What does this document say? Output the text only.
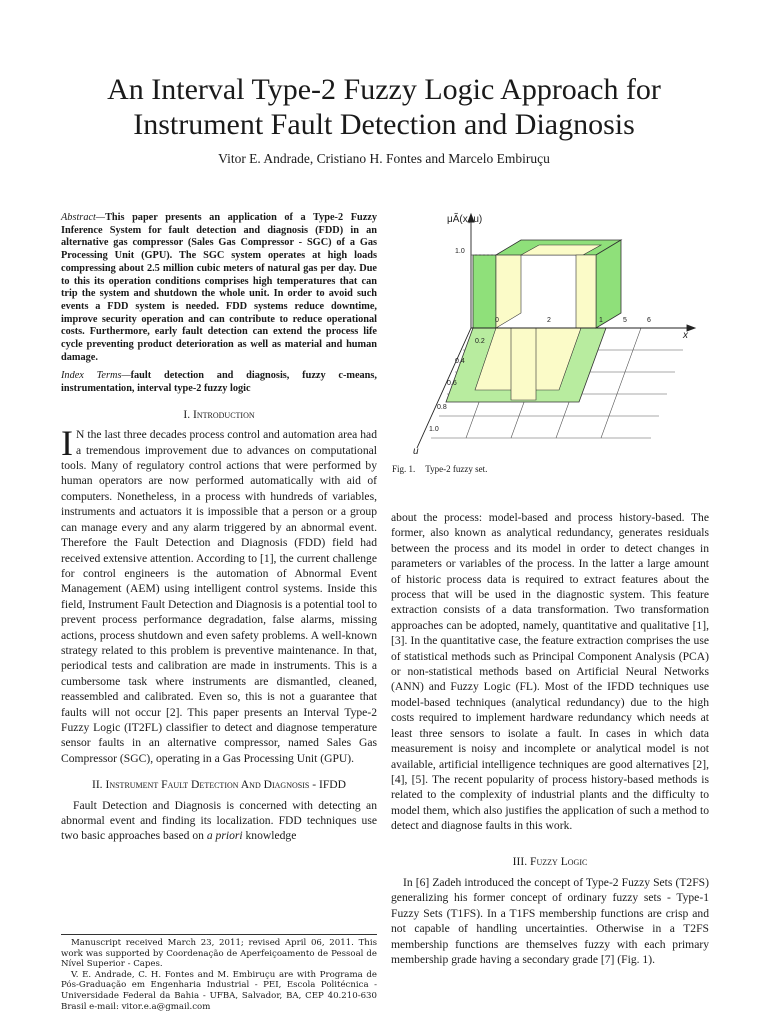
An Interval Type-2 Fuzzy Logic Approach for Instrument Fault Detection and Diagnosis
Vitor E. Andrade, Cristiano H. Fontes and Marcelo Embiruçu

Abstract—This paper presents an application of a Type-2 Fuzzy Inference System for fault detection and diagnosis (FDD) in an alternative gas compressor (Sales Gas Compressor - SGC) of a Gas Processing Unit (GPU). The SGC system operates at high loads compressing about 2.5 million cubic meters of natural gas per day. Due to this its operation conditions comprises high temperatures that can trip the system and shutdown the whole unit. In order to avoid such events a FDD system is needed. FDD systems reduce downtime, improve security operation and can contribute to reduce operational costs. Furthermore, early fault detection can extend the process life cycle preventing product deterioration as well as material and human damage.

Index Terms—fault detection and diagnosis, fuzzy c-means, instrumentation, interval type-2 fuzzy logic

I. Introduction

I N the last three decades process control and automation area had a tremendous improvement due to advances on computational tools. Many of regulatory control actions that were performed by human operators are now performed automatically with aid of computers. Nonetheless, in a process with hundreds of variables, instruments and actuators it is impossible that a person or a group can manage every and any alarm triggered by an abnormal event. Therefore the Fault Detection and Diagnosis (FDD) field had received extensive attention. According to [1], the current challenge for control engineers is the automation of Abnormal Event Management (AEM) using intelligent control systems. Inside this field, Instrument Fault Detection and Diagnosis is a potential tool to prevent process performance degradation, false alarms, missing actions, process shutdown and even safety problems. A well-known strategy related to this problem is preventive maintenance. In that, periodical tests and calibration are made in instruments. This is a cumbersome task where instruments are dismantled, cleaned, reassembled and calibrated. Even so, this is not a guarantee that faults will not occur [2]. This paper presents an Interval Type-2 Fuzzy Logic (IT2FL) classifier to detect and diagnose temperature sensor faults in an alternative compressor, named Sales Gas Compressor (SGC), operating in a Gas Processing Unit (GPU).

II. Instrument Fault Detection And Diagnosis - IFDD

Fault Detection and Diagnosis is concerned with detecting an abnormal event and finding its localization. FDD techniques use two basic approaches based on a priori knowledge

Manuscript received March 23, 2011; revised April 06, 2011. This work was supported by Coordenação de Aperfeiçoamento de Pessoal de Nível Superior - Capes.

V. E. Andrade, C. H. Fontes and M. Embiruçu are with Programa de Pós-Graduação em Engenharia Industrial - PEI, Escola Politécnica - Universidade Federal da Bahia - UFBA, Salvador, BA, CEP 40.210-630 Brasil e-mail: vitor.e.a@gmail.com

μÃ(x, u)
x
u
1.0
0	2	1	5	6
0.2
0.4
0.6
0.8
1.0
Fig. 1. Type-2 fuzzy set.

about the process: model-based and process history-based. The former, also known as analytical redundancy, generates residuals between the process and its model in order to detect changes in parameters or variables of the process. In the latter a large amount of historic process data is required to extract features about the process that will be used in the diagnostic system. This feature extraction consists of a data transformation. Two transformation approaches can be adopted, namely, quantitative and qualitative [1], [3]. In the quantitative case, the feature extraction comprises the use of statistical methods such as Principal Component Analysis (PCA) or non-statistical methods based on Artificial Neural Networks (ANN) and Fuzzy Logic (FL). Most of the IFDD techniques use model-based techniques (analytical redundancy) due to the high costs required to implement hardware redundancy which needs at least three sensors to isolate a fault. In cases in which data measurement is noisy and incomplete or analytical model is not available, artificial intelligence techniques are good alternatives [2], [4], [5]. The recent popularity of process history-based methods is related to the complexity of industrial plants and the difficulty to model them, which also justifies the application of such a method to detect and diagnose faults in this work.

III. Fuzzy Logic

In [6] Zadeh introduced the concept of Type-2 Fuzzy Sets (T2FS) generalizing his former concept of ordinary fuzzy sets - Type-1 Fuzzy Sets (T1FS). In a T1FS membership functions are crisp and not capable of handling uncertainties. Otherwise in a T2FS membership functions are themselves fuzzy with each primary membership grade having a secondary grade [7] (Fig. 1).
